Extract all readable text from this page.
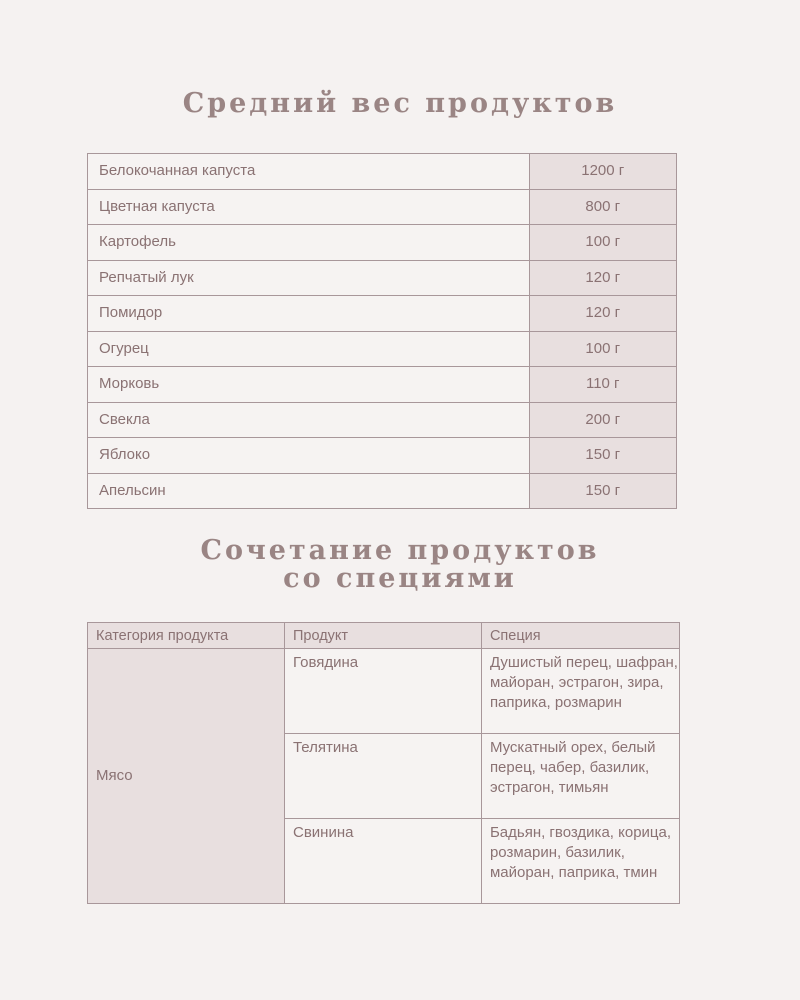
Средний вес продуктов
Белокочанная капуста	1200 г
Цветная капуста	800 г
Картофель	100 г
Репчатый лук	120 г
Помидор	120 г
Огурец	100 г
Морковь	110 г
Свекла	200 г
Яблоко	150 г
Апельсин	150 г
Сочетание продуктов
со специями
Категория продукта	Продукт	Специя
Мясо	Говядина	Душистый перец, шафран, майоран, эстрагон, зира, паприка, розмарин
	Телятина	Мускатный орех, белый перец, чабер, базилик, эстрагон, тимьян
	Свинина	Бадьян, гвоздика, корица, розмарин, базилик, майоран, паприка, тмин
